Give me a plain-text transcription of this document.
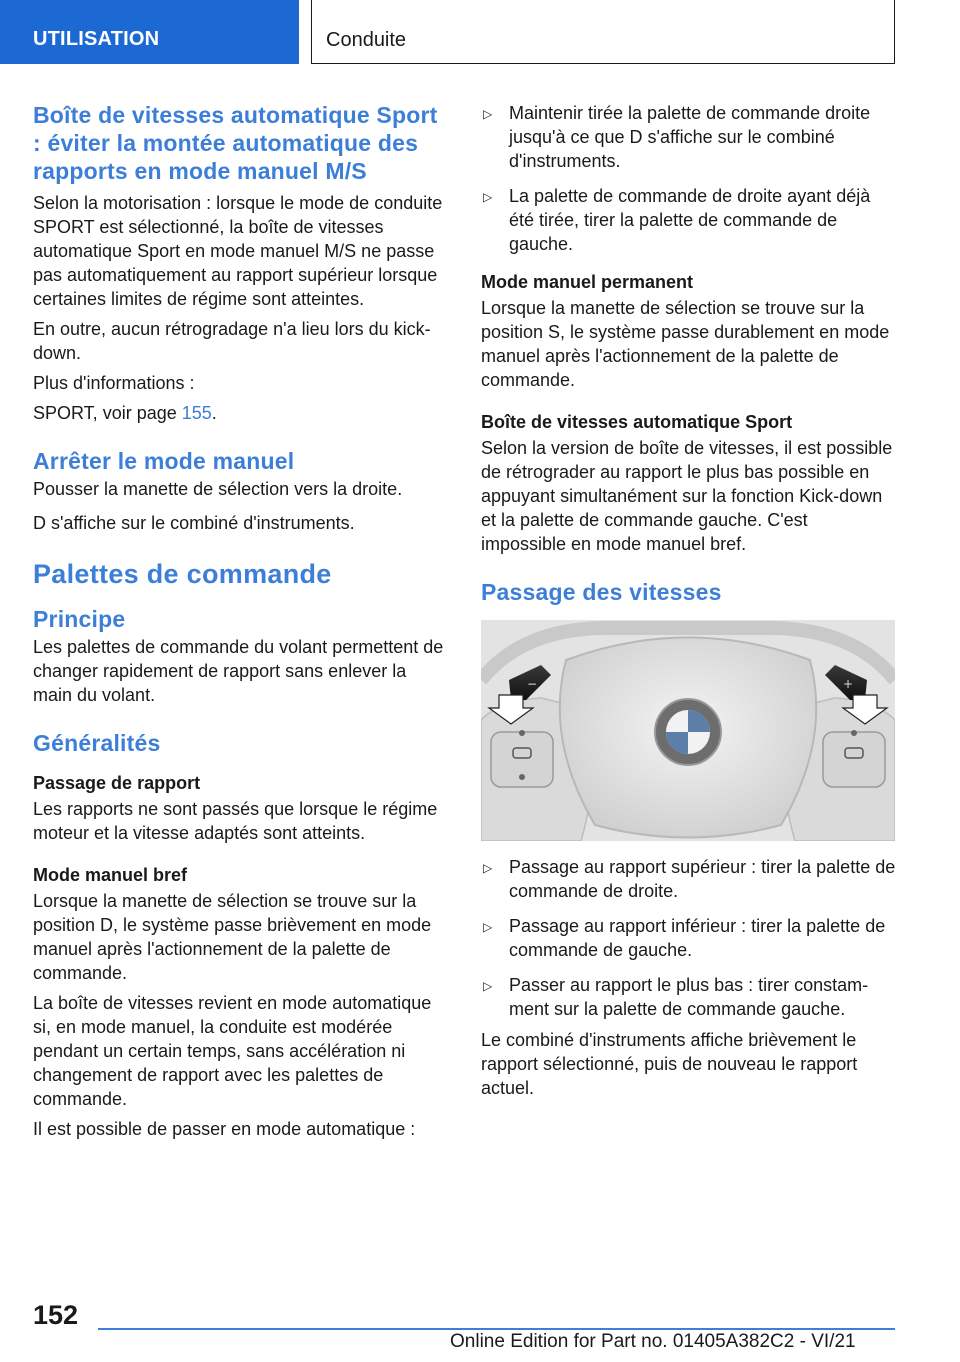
UTILISATION	Conduite
Boîte de vitesses automatique Sport : éviter la montée automatique des rapports en mode manuel M/S

Selon la motorisation : lorsque le mode de conduite SPORT est sélectionné, la boîte de vitesses automatique Sport en mode manuel M/S ne passe pas automatiquement au rapport supérieur lorsque certaines limites de régime sont atteintes.

En outre, aucun rétrogradage n'a lieu lors du kick-down.

Plus d'informations :

SPORT, voir page 155.

Arrêter le mode manuel

Pousser la manette de sélection vers la droite.

D s'affiche sur le combiné d'instruments.

Palettes de commande
Principe

Les palettes de commande du volant permettent de changer rapidement de rapport sans enlever la main du volant.

Généralités
Passage de rapport

Les rapports ne sont passés que lorsque le régime moteur et la vitesse adaptés sont atteints.

Mode manuel bref

Lorsque la manette de sélection se trouve sur la position D, le système passe brièvement en mode manuel après l'actionnement de la palette de commande.

La boîte de vitesses revient en mode automatique si, en mode manuel, la conduite est modérée pendant un certain temps, sans accélération ni changement de rapport avec les palettes de commande.

Il est possible de passer en mode automatique :

▷ Maintenir tirée la palette de commande droite jusqu'à ce que D s'affiche sur le combiné d'instruments.
▷ La palette de commande de droite ayant déjà été tirée, tirer la palette de commande de gauche.
Mode manuel permanent

Lorsque la manette de sélection se trouve sur la position S, le système passe durablement en mode manuel après l'actionnement de la palette de commande.

Boîte de vitesses automatique Sport

Selon la version de boîte de vitesses, il est possible de rétrograder au rapport le plus bas possible en appuyant simultanément sur la fonction Kick-down et la palette de commande gauche. C'est impossible en mode manuel bref.

Passage des vitesses
−	+
▷ Passage au rapport supérieur : tirer la palette de commande de droite.
▷ Passage au rapport inférieur : tirer la palette de commande de gauche.
▷ Passer au rapport le plus bas : tirer constamment sur la palette de commande gauche.

Le combiné d'instruments affiche brièvement le rapport sélectionné, puis de nouveau le rapport actuel.

152
Online Edition for Part no. 01405A382C2 - VI/21
